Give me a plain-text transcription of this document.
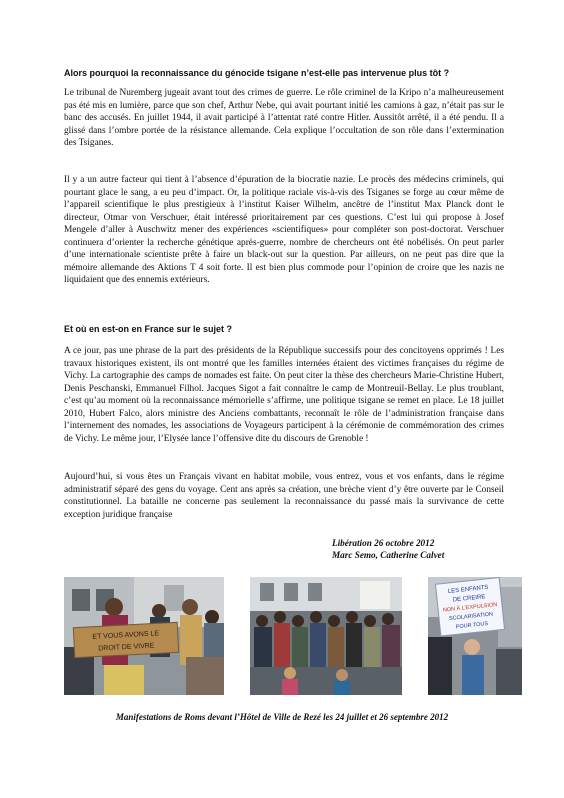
Alors pourquoi la reconnaissance du génocide tsigane n’est-elle pas intervenue plus tôt ?

Le tribunal de Nuremberg jugeait avant tout des crimes de guerre. Le rôle criminel de la Kripo n’a malheureusement pas été mis en lumière, parce que son chef, Arthur Nebe, qui avait pourtant initié les camions à gaz, n’était pas sur le banc des accusés. En juillet 1944, il avait participé à l’attentat raté contre Hitler. Aussitôt arrêté, il a été pendu. Il a glissé dans l’ombre portée de la résistance allemande. Cela explique l’occultation de son rôle dans l’extermination des Tsiganes.

Il y a un autre facteur qui tient à l’absence d’épuration de la biocratie nazie. Le procès des médecins criminels, qui pourtant glace le sang, a eu peu d’impact. Or, la politique raciale vis-à-vis des Tsiganes se forge au cœur même de l’appareil scientifique le plus prestigieux à l’institut Kaiser Wilhelm, ancêtre de l’institut Max Planck dont le directeur, Otmar von Verschuer, était intéressé prioritairement par ces questions. C’est lui qui propose à Josef Mengele d’aller à Auschwitz mener des expériences «scientifiques» pour compléter son post-doctorat. Verschuer continuera d’orienter la recherche génétique après-guerre, nombre de chercheurs ont été nobélisés. On peut parler d’une internationale scientiste prête à faire un black-out sur la question. Par ailleurs, on ne peut pas dire que la mémoire allemande des Aktions T 4 soit forte. Il est bien plus commode pour l’opinion de croire que les nazis ne liquidaient que des ennemis extérieurs.

Et où en est-on en France sur le sujet ?

A ce jour, pas une phrase de la part des présidents de la République successifs pour des concitoyens opprimés ! Les travaux historiques existent, ils ont montré que les familles internées étaient des victimes françaises du régime de Vichy. La cartographie des camps de nomades est faite. On peut citer la thèse des chercheurs Marie-Christine Hubert, Denis Peschanski, Emmanuel Filhol. Jacques Sigot a fait connaître le camp de Montreuil-Bellay. Le plus troublant, c’est qu’au moment où la reconnaissance mémorielle s’affirme, une politique tsigane se remet en place. Le 18 juillet 2010, Hubert Falco, alors ministre des Anciens combattants, reconnaît le rôle de l’administration française dans l’internement des nomades, les associations de Voyageurs participent à la cérémonie de commémoration des crimes de Vichy. Le même jour, l’Elysée lance l’offensive dite du discours de Grenoble !

Aujourd’hui, si vous êtes un Français vivant en habitat mobile, vous entrez, vous et vos enfants, dans le régime administratif séparé des gens du voyage. Cent ans après sa création, une brèche vient d’y être ouverte par le Conseil constitutionnel. La bataille ne concerne pas seulement la reconnaissance du passé mais la survivance de cette exception juridique française

Libération 26 octobre 2012
Marc Semo, Catherine Calvet
ET VOUS AVONS LE
DROIT DE VIVRE
LES ENFANTS
DE CREIRE
NON À L'EXPULSION
SCOLARISATION
POUR TOUS
Manifestations de Roms devant l’Hôtel de Ville de Rezé les 24 juillet et 26 septembre 2012
